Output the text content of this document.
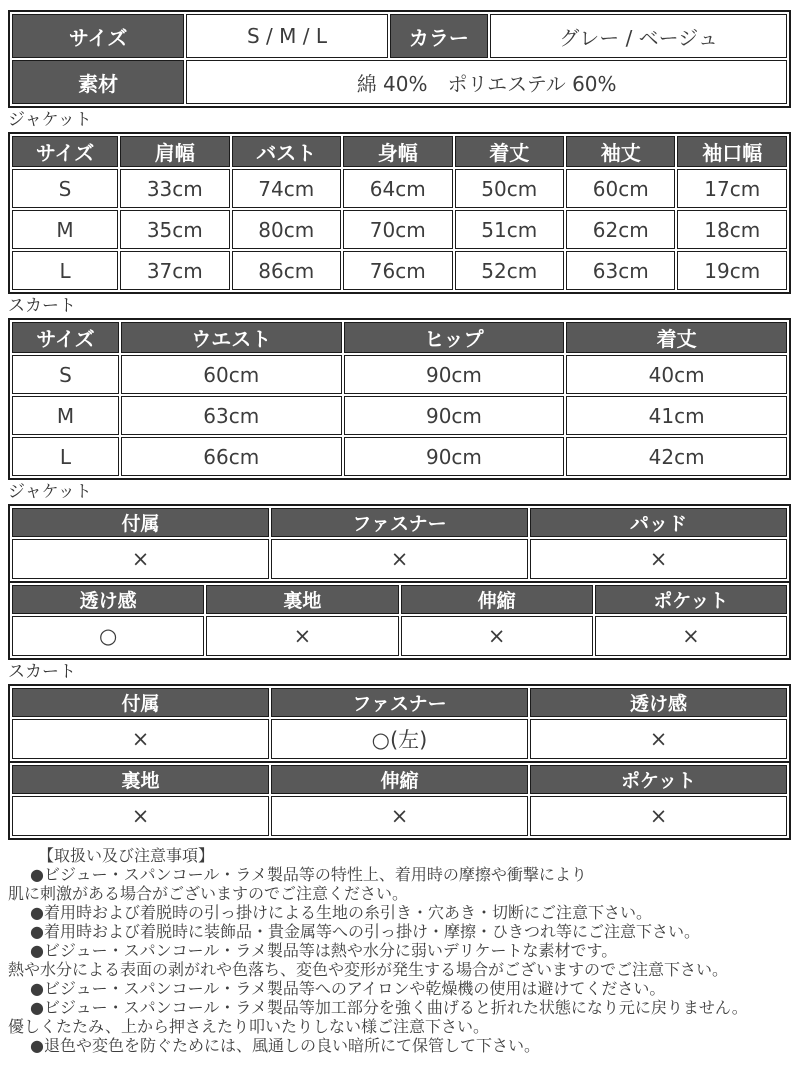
サイズ	S / M / L	カラー	グレー / ベージュ
素材	綿 40%　ポリエステル 60%		
ジャケット
サイズ	肩幅	バスト	身幅	着丈	袖丈	袖口幅
S	33cm	74cm	64cm	50cm	60cm	17cm
M	35cm	80cm	70cm	51cm	62cm	18cm
L	37cm	86cm	76cm	52cm	63cm	19cm
スカート
サイズ	ウエスト	ヒップ	着丈
S	60cm	90cm	40cm
M	63cm	90cm	41cm
L	66cm	90cm	42cm
ジャケット
付属	ファスナー	パッド
×	×	×
透け感	裏地	伸縮	ポケット
○	×	×	×
スカート
付属	ファスナー	透け感
×	○(左)	×
裏地	伸縮	ポケット
×	×	×
【取扱い及び注意事項】
●ビジュー・スパンコール・ラメ製品等の特性上、着用時の摩擦や衝撃により
肌に刺激がある場合がございますのでご注意ください。
●着用時および着脱時の引っ掛けによる生地の糸引き・穴あき・切断にご注意下さい。
●着用時および着脱時に装飾品・貴金属等への引っ掛け・摩擦・ひきつれ等にご注意下さい。
●ビジュー・スパンコール・ラメ製品等は熱や水分に弱いデリケートな素材です。
熱や水分による表面の剥がれや色落ち、変色や変形が発生する場合がございますのでご注意下さい。
●ビジュー・スパンコール・ラメ製品等へのアイロンや乾燥機の使用は避けてください。
●ビジュー・スパンコール・ラメ製品等加工部分を強く曲げると折れた状態になり元に戻りません。
優しくたたみ、上から押さえたり叩いたりしない様ご注意下さい。
●退色や変色を防ぐためには、風通しの良い暗所にて保管して下さい。
